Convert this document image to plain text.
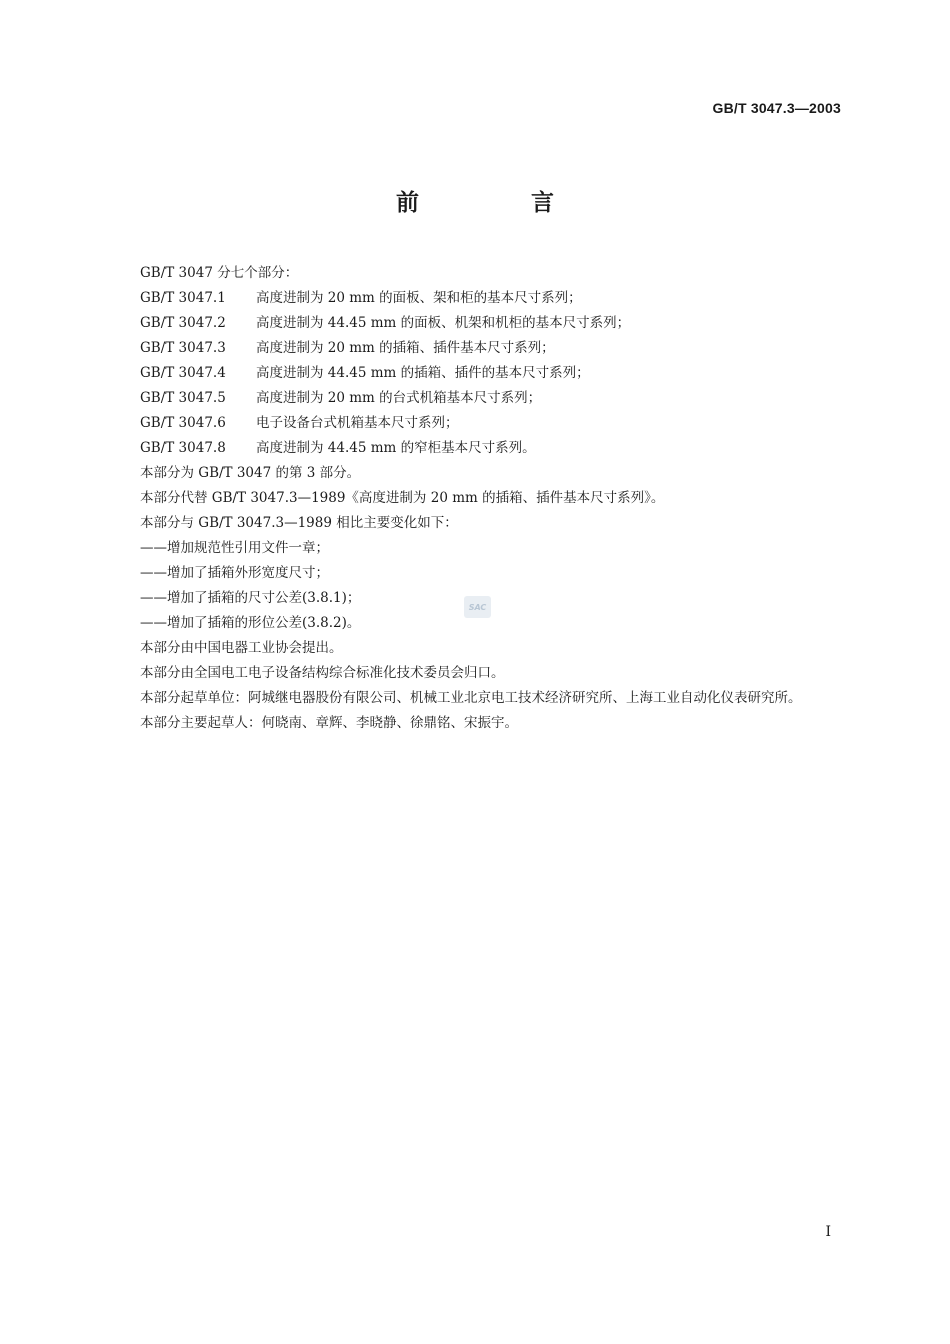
GB/T 3047.3—2003
前 言
GB/T 3047 分七个部分：
GB/T 3047.1 高度进制为 20 mm 的面板、架和柜的基本尺寸系列；
GB/T 3047.2 高度进制为 44.45 mm 的面板、机架和机柜的基本尺寸系列；
GB/T 3047.3 高度进制为 20 mm 的插箱、插件基本尺寸系列；
GB/T 3047.4 高度进制为 44.45 mm 的插箱、插件的基本尺寸系列；
GB/T 3047.5 高度进制为 20 mm 的台式机箱基本尺寸系列；
GB/T 3047.6 电子设备台式机箱基本尺寸系列；
GB/T 3047.8 高度进制为 44.45 mm 的窄柜基本尺寸系列。
本部分为 GB/T 3047 的第 3 部分。
本部分代替 GB/T 3047.3—1989《高度进制为 20 mm 的插箱、插件基本尺寸系列》。
本部分与 GB/T 3047.3—1989 相比主要变化如下：
——增加规范性引用文件一章；
——增加了插箱外形宽度尺寸；
——增加了插箱的尺寸公差(3.8.1)；
——增加了插箱的形位公差(3.8.2)。
本部分由中国电器工业协会提出。
本部分由全国电工电子设备结构综合标准化技术委员会归口。
本部分起草单位：阿城继电器股份有限公司、机械工业北京电工技术经济研究所、上海工业自动化仪表研究所。
本部分主要起草人：何晓南、章辉、李晓静、徐鼎铭、宋振宇。
SAC
I
